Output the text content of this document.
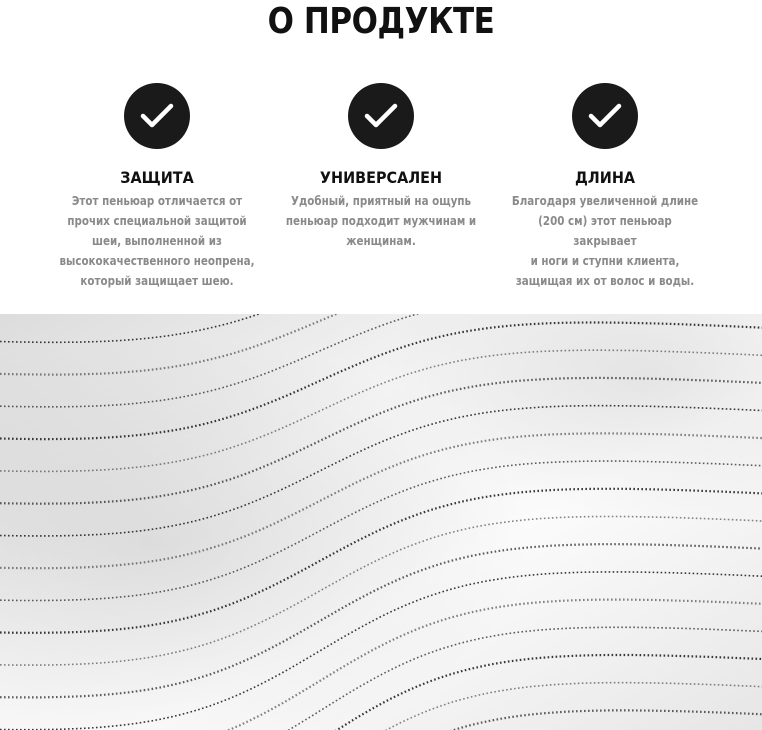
О ПРОДУКТЕ
ЗАЩИТА
Этот пеньюар отличается от
прочих специальной защитой
шеи, выполненной из
высококачественного неопрена,
который защищает шею.
УНИВЕРСАЛЕН
Удобный, приятный на ощупь
пеньюар подходит мужчинам и
женщинам.
ДЛИНА
Благодаря увеличенной длине
(200 см) этот пеньюар закрывает
и ноги и ступни клиента,
защищая их от волос и воды.
